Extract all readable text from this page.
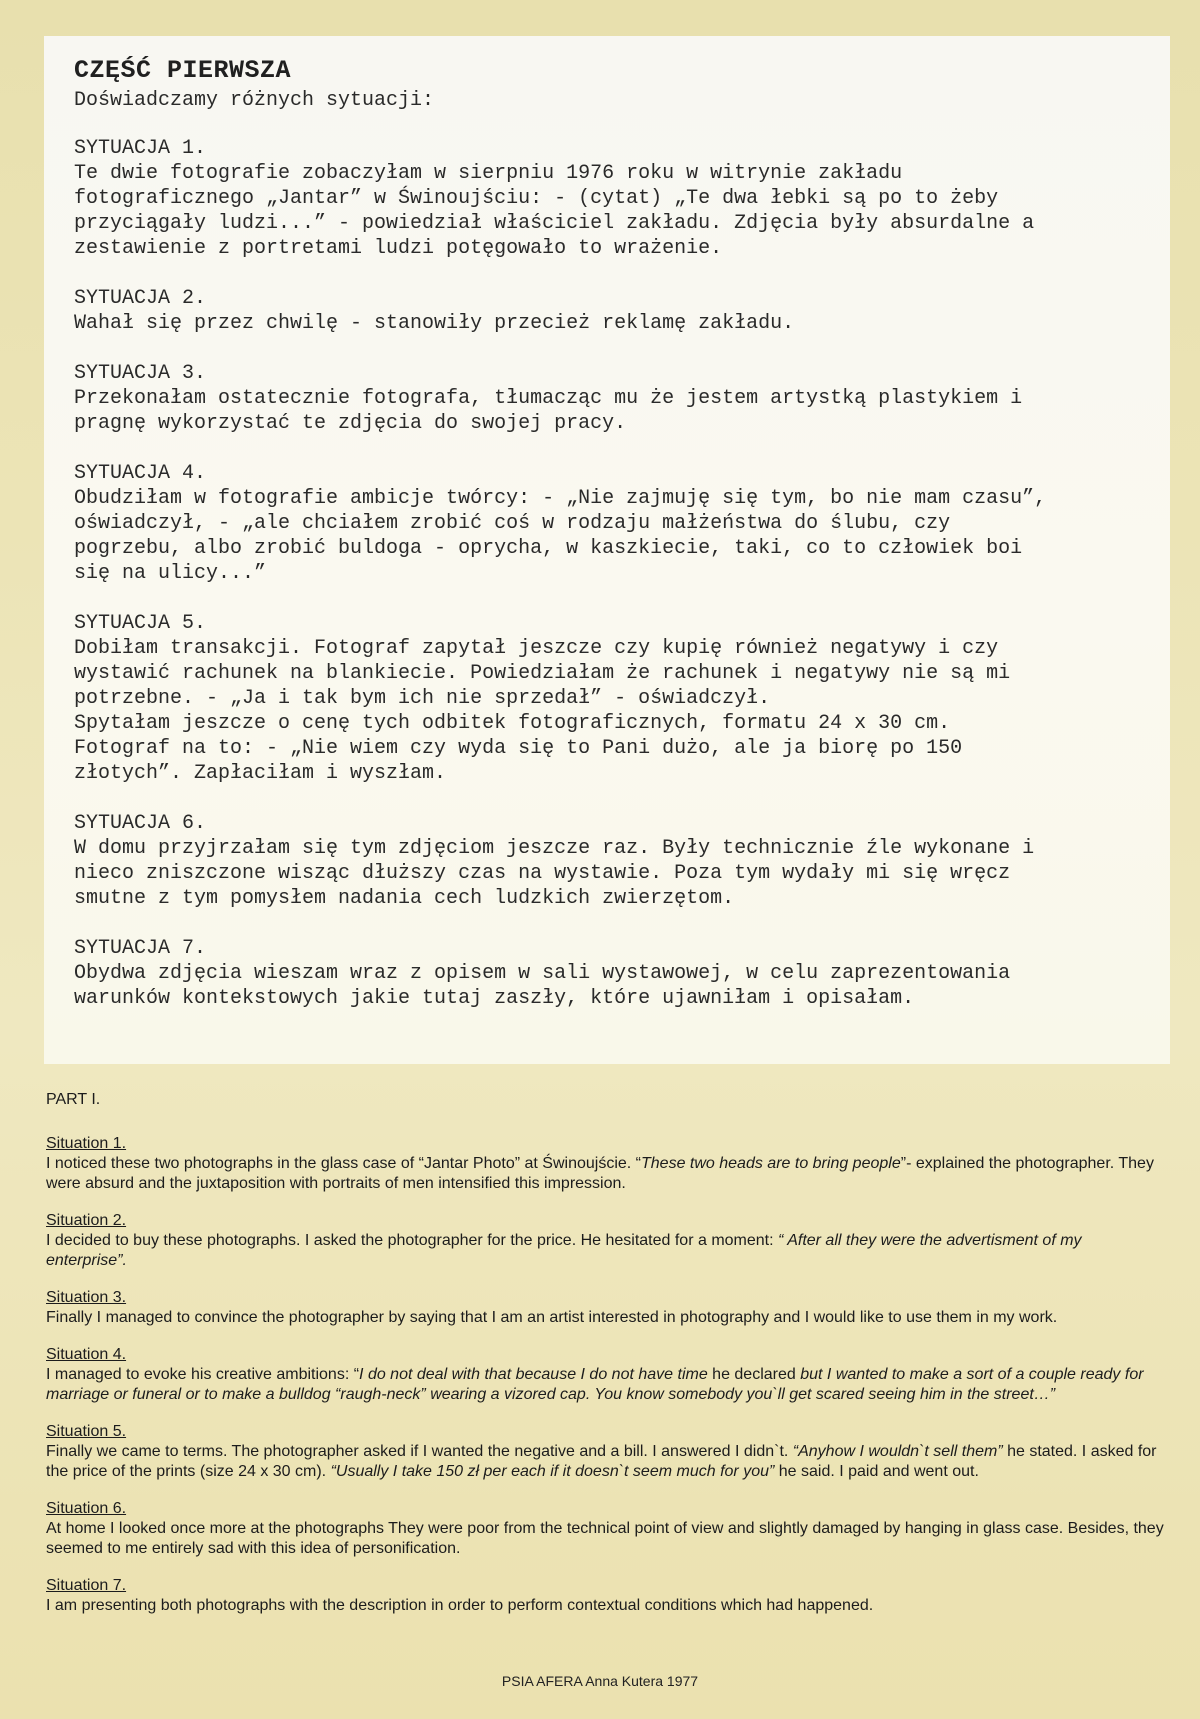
CZĘŚĆ PIERWSZA
Doświadczamy różnych sytuacji:
SYTUACJA 1.

Te dwie fotografie zobaczyłam w sierpniu 1976 roku w witrynie zakładu

fotograficznego „Jantar” w Świnoujściu: - (cytat) „Te dwa łebki są po to żeby

przyciągały ludzi...” - powiedział właściciel zakładu. Zdjęcia były absurdalne a

zestawienie z portretami ludzi potęgowało to wrażenie.

SYTUACJA 2.

Wahał się przez chwilę - stanowiły przecież reklamę zakładu.

SYTUACJA 3.

Przekonałam ostatecznie fotografa, tłumacząc mu że jestem artystką plastykiem i

pragnę wykorzystać te zdjęcia do swojej pracy.

SYTUACJA 4.

Obudziłam w fotografie ambicje twórcy: - „Nie zajmuję się tym, bo nie mam czasu”,

oświadczył, - „ale chciałem zrobić coś w rodzaju małżeństwa do ślubu, czy

pogrzebu, albo zrobić buldoga - oprycha, w kaszkiecie, taki, co to człowiek boi

się na ulicy...”

SYTUACJA 5.

Dobiłam transakcji. Fotograf zapytał jeszcze czy kupię również negatywy i czy

wystawić rachunek na blankiecie. Powiedziałam że rachunek i negatywy nie są mi

potrzebne. - „Ja i tak bym ich nie sprzedał” - oświadczył.

Spytałam jeszcze o cenę tych odbitek fotograficznych, formatu 24 x 30 cm.

Fotograf na to: - „Nie wiem czy wyda się to Pani dużo, ale ja biorę po 150

złotych”. Zapłaciłam i wyszłam.

SYTUACJA 6.

W domu przyjrzałam się tym zdjęciom jeszcze raz. Były technicznie źle wykonane i

nieco zniszczone wisząc dłuższy czas na wystawie. Poza tym wydały mi się wręcz

smutne z tym pomysłem nadania cech ludzkich zwierzętom.

SYTUACJA 7.

Obydwa zdjęcia wieszam wraz z opisem w sali wystawowej, w celu zaprezentowania

warunków kontekstowych jakie tutaj zaszły, które ujawniłam i opisałam.

PART I.
Situation 1.
I noticed these two photographs in the glass case of “Jantar Photo” at Świnoujście. “These two heads are to bring people”- explained the photographer. They were absurd and the juxtaposition with portraits of men intensified this impression.
Situation 2.
I decided to buy these photographs. I asked the photographer for the price. He hesitated for a moment: “ After all they were the advertisment of my enterprise”.
Situation 3.
Finally I managed to convince the photographer by saying that I am an artist interested in photography and I would like to use them in my work.
Situation 4.
I managed to evoke his creative ambitions: “I do not deal with that because I do not have time he declared but I wanted to make a sort of a couple ready for marriage or funeral or to make a bulldog “raugh-neck” wearing a vizored cap. You know somebody you`ll get scared seeing him in the street…”
Situation 5.
Finally we came to terms. The photographer asked if I wanted the negative and a bill. I answered I didn`t. “Anyhow I wouldn`t sell them” he stated. I asked for the price of the prints (size 24 x 30 cm). “Usually I take 150 zł per each if it doesn`t seem much for you” he said. I paid and went out.
Situation 6.
At home I looked once more at the photographs They were poor from the technical point of view and slightly damaged by hanging in glass case. Besides, they seemed to me entirely sad with this idea of personification.
Situation 7.
I am presenting both photographs with the description in order to perform contextual conditions which had happened.
PSIA AFERA Anna Kutera 1977
